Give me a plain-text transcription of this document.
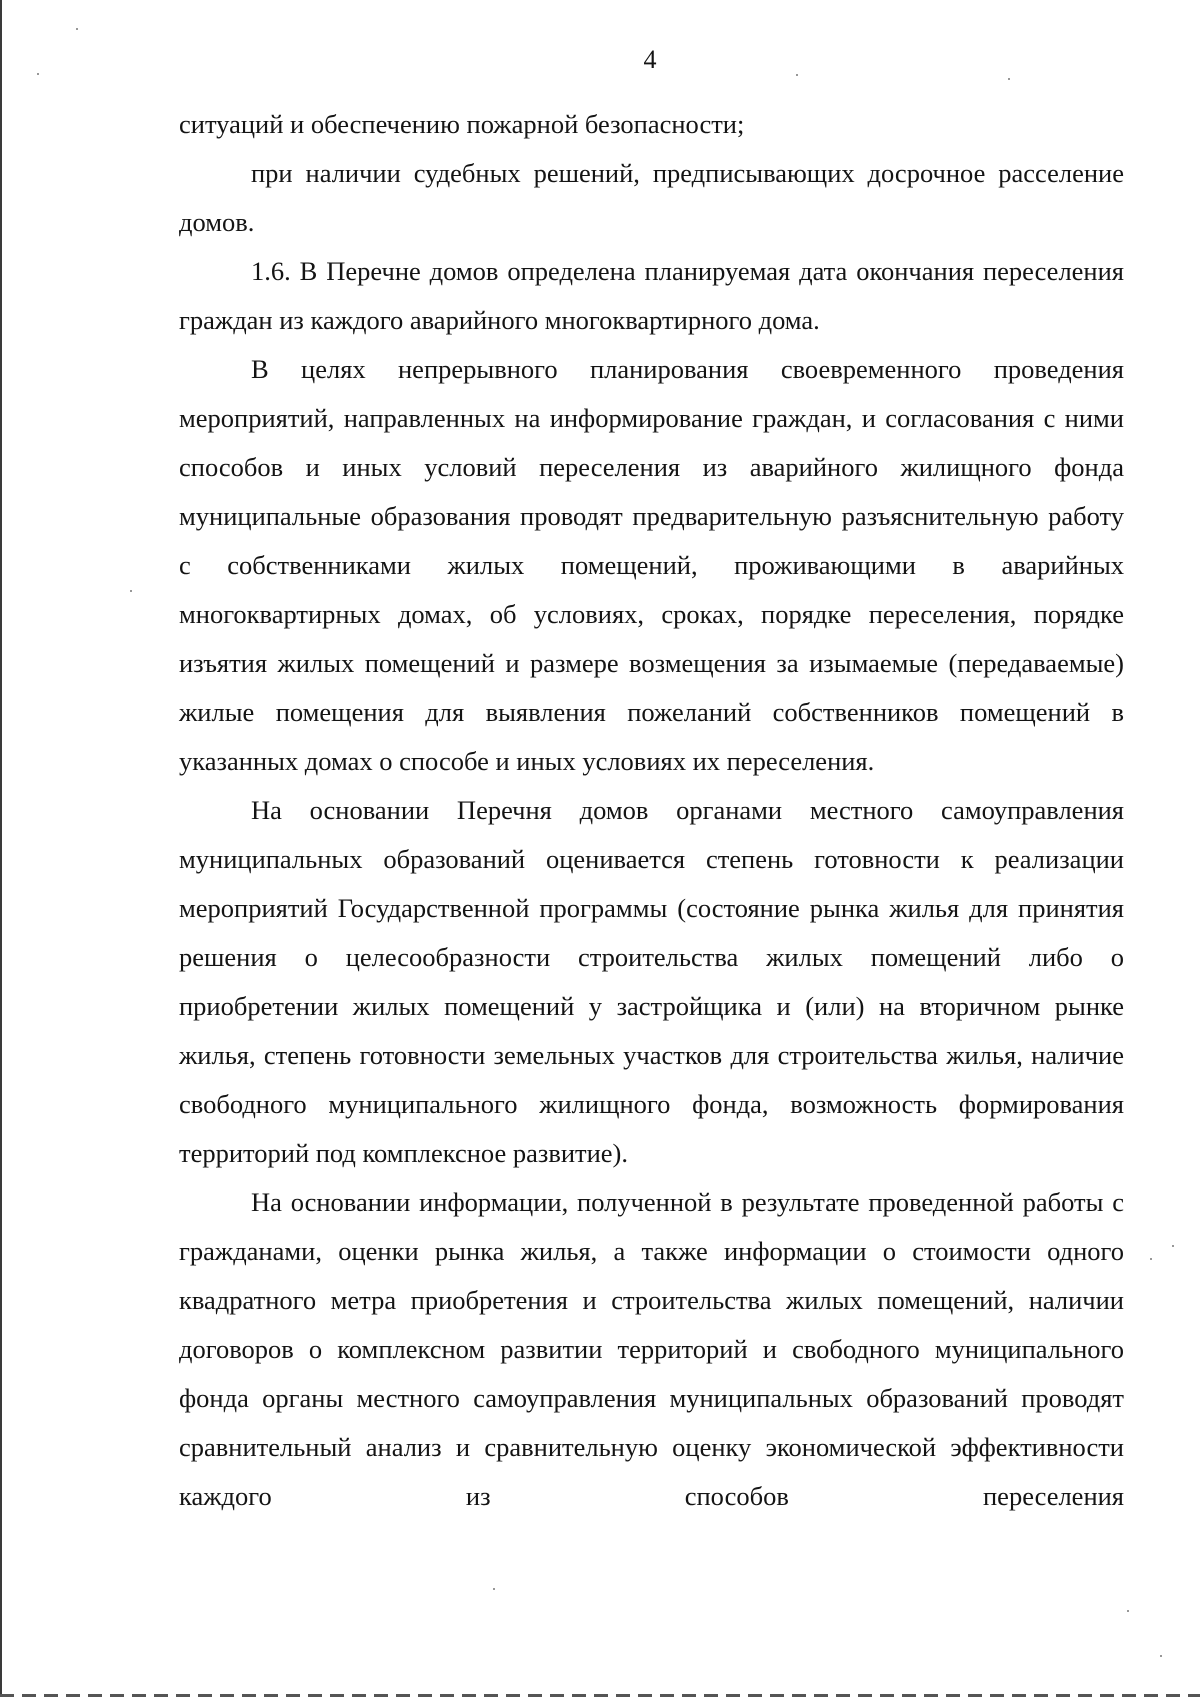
4

ситуаций и обеспечению пожарной безопасности;

при наличии судебных решений, предписывающих досрочное расселение домов.

1.6. В Перечне домов определена планируемая дата окончания переселения граждан из каждого аварийного многоквартирного дома.

В целях непрерывного планирования своевременного проведения мероприятий, направленных на информирование граждан, и согласования с ними способов и иных условий переселения из аварийного жилищного фонда муниципальные образования проводят предварительную разъяснительную работу с собственниками жилых помещений, проживающими в аварийных многоквартирных домах, об условиях, сроках, порядке переселения, порядке изъятия жилых помещений и размере возмещения за изымаемые (передаваемые) жилые помещения для выявления пожеланий собственников помещений в указанных домах о способе и иных условиях их переселения.

На основании Перечня домов органами местного самоуправления муниципальных образований оценивается степень готовности к реализации мероприятий Государственной программы (состояние рынка жилья для принятия решения о целесообразности строительства жилых помещений либо о приобретении жилых помещений у застройщика и (или) на вторичном рынке жилья, степень готовности земельных участков для строительства жилья, наличие свободного муниципального жилищного фонда, возможность формирования территорий под комплексное развитие).

На основании информации, полученной в результате проведенной работы с гражданами, оценки рынка жилья, а также информации о стоимости одного квадратного метра приобретения и строительства жилых помещений, наличии договоров о комплексном развитии территорий и свободного муниципального фонда органы местного самоуправления муниципальных образований проводят сравнительный анализ и сравнительную оценку экономической эффективности каждого из способов переселения
